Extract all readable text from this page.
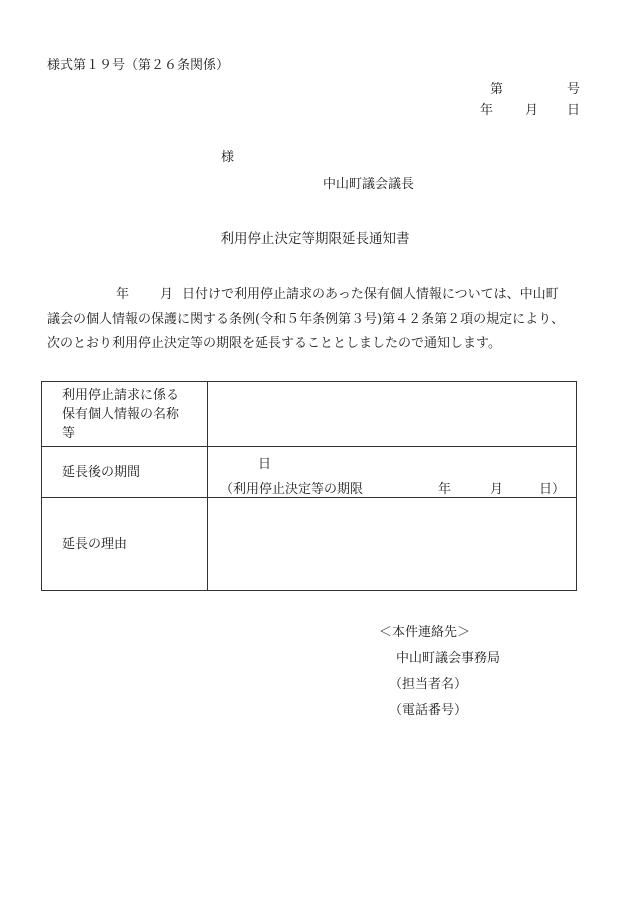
様式第１９号（第２６条関係）
第	号
年 月 日
様
中山町議会議長
利用停止決定等期限延長通知書

年 月 日付けで利用停止請求のあった保有個人情報については、中山町

議会の個人情報の保護に関する条例(令和５年条例第３号)第４２条第２項の規定により、

次のとおり利用停止決定等の期限を延長することとしましたので通知します。

利用停止請求に係る保有個人情報の名称等	

延長後の期間	日
（利用停止決定等の期限 年 月 日）

延長の理由	
＜本件連絡先＞
中山町議会事務局
（担当者名）
（電話番号）
